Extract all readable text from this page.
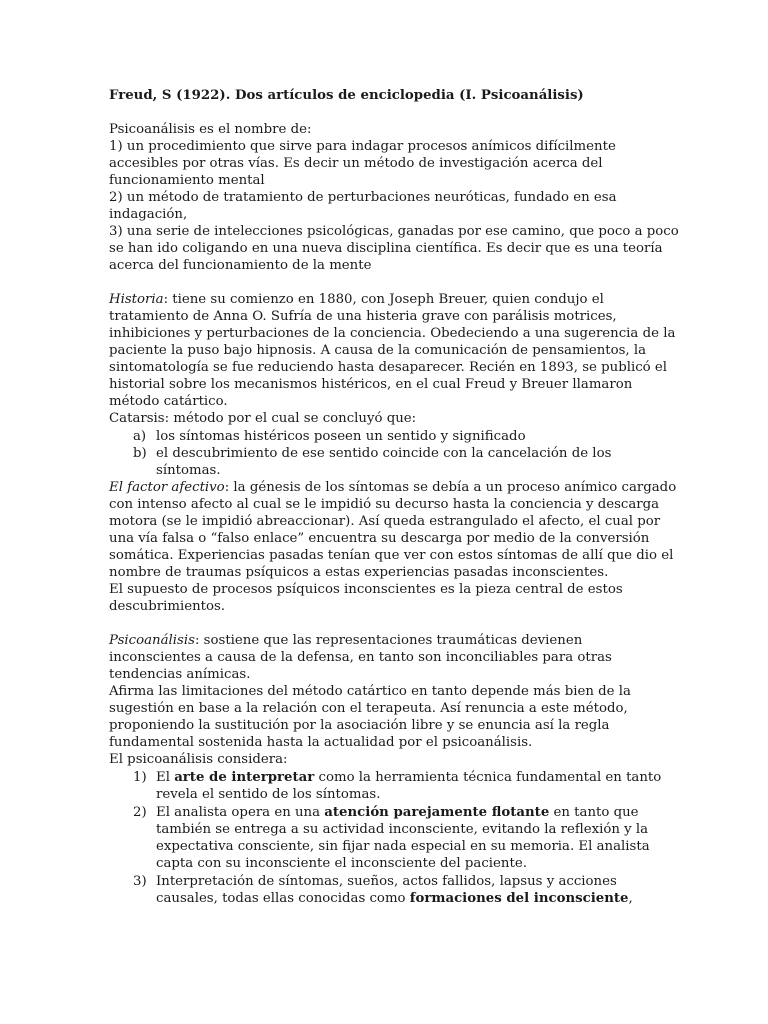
Freud, S (1922). Dos artículos de enciclopedia (I. Psicoanálisis)
Psicoanálisis es el nombre de:
1) un procedimiento que sirve para indagar procesos anímicos difícilmente
accesibles por otras vías. Es decir un método de investigación acerca del
funcionamiento mental
2) un método de tratamiento de perturbaciones neuróticas, fundado en esa
indagación,
3) una serie de intelecciones psicológicas, ganadas por ese camino, que poco a poco
se han ido coligando en una nueva disciplina científica. Es decir que es una teoría
acerca del funcionamiento de la mente
Historia: tiene su comienzo en 1880, con Joseph Breuer, quien condujo el
tratamiento de Anna O. Sufría de una histeria grave con parálisis motrices,
inhibiciones y perturbaciones de la conciencia. Obedeciendo a una sugerencia de la
paciente la puso bajo hipnosis. A causa de la comunicación de pensamientos, la
sintomatología se fue reduciendo hasta desaparecer. Recién en 1893, se publicó el
historial sobre los mecanismos histéricos, en el cual Freud y Breuer llamaron
método catártico.
Catarsis: método por el cual se concluyó que:
a) los síntomas histéricos poseen un sentido y significado
b) el descubrimiento de ese sentido coincide con la cancelación de los
síntomas.
El factor afectivo: la génesis de los síntomas se debía a un proceso anímico cargado
con intenso afecto al cual se le impidió su decurso hasta la conciencia y descarga
motora (se le impidió abreaccionar). Así queda estrangulado el afecto, el cual por
una vía falsa o “falso enlace” encuentra su descarga por medio de la conversión
somática. Experiencias pasadas tenían que ver con estos síntomas de allí que dio el
nombre de traumas psíquicos a estas experiencias pasadas inconscientes.
El supuesto de procesos psíquicos inconscientes es la pieza central de estos
descubrimientos.
Psicoanálisis: sostiene que las representaciones traumáticas devienen
inconscientes a causa de la defensa, en tanto son inconciliables para otras
tendencias anímicas.
Afirma las limitaciones del método catártico en tanto depende más bien de la
sugestión en base a la relación con el terapeuta. Así renuncia a este método,
proponiendo la sustitución por la asociación libre y se enuncia así la regla
fundamental sostenida hasta la actualidad por el psicoanálisis.
El psicoanálisis considera:
1) El arte de interpretar como la herramienta técnica fundamental en tanto
revela el sentido de los síntomas.
2) El analista opera en una atención parejamente flotante en tanto que
también se entrega a su actividad inconsciente, evitando la reflexión y la
expectativa consciente, sin fijar nada especial en su memoria. El analista
capta con su inconsciente el inconsciente del paciente.
3) Interpretación de síntomas, sueños, actos fallidos, lapsus y acciones
causales, todas ellas conocidas como formaciones del inconsciente,
